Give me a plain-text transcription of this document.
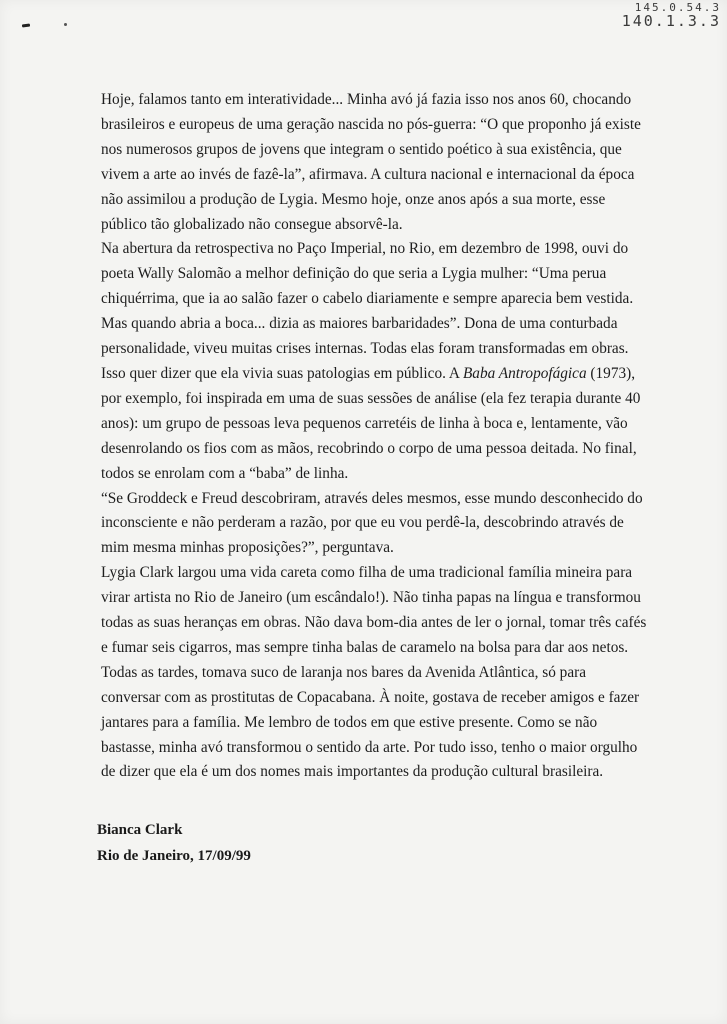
145.0.54.3
140.1.3.3

Hoje, falamos tanto em interatividade... Minha avó já fazia isso nos anos 60, chocando brasileiros e europeus de uma geração nascida no pós-guerra: “O que proponho já existe nos numerosos grupos de jovens que integram o sentido poético à sua existência, que vivem a arte ao invés de fazê-la”, afirmava. A cultura nacional e internacional da época não assimilou a produção de Lygia. Mesmo hoje, onze anos após a sua morte, esse público tão globalizado não consegue absorvê-la.

Na abertura da retrospectiva no Paço Imperial, no Rio, em dezembro de 1998, ouvi do poeta Wally Salomão a melhor definição do que seria a Lygia mulher: “Uma perua chiquérrima, que ia ao salão fazer o cabelo diariamente e sempre aparecia bem vestida. Mas quando abria a boca... dizia as maiores barbaridades”. Dona de uma conturbada personalidade, viveu muitas crises internas. Todas elas foram transformadas em obras. Isso quer dizer que ela vivia suas patologias em público. A Baba Antropofágica (1973), por exemplo, foi inspirada em uma de suas sessões de análise (ela fez terapia durante 40 anos): um grupo de pessoas leva pequenos carretéis de linha à boca e, lentamente, vão desenrolando os fios com as mãos, recobrindo o corpo de uma pessoa deitada. No final, todos se enrolam com a “baba” de linha.

“Se Groddeck e Freud descobriram, através deles mesmos, esse mundo desconhecido do inconsciente e não perderam a razão, por que eu vou perdê-la, descobrindo através de mim mesma minhas proposições?”, perguntava.

Lygia Clark largou uma vida careta como filha de uma tradicional família mineira para virar artista no Rio de Janeiro (um escândalo!). Não tinha papas na língua e transformou todas as suas heranças em obras. Não dava bom-dia antes de ler o jornal, tomar três cafés e fumar seis cigarros, mas sempre tinha balas de caramelo na bolsa para dar aos netos. Todas as tardes, tomava suco de laranja nos bares da Avenida Atlântica, só para conversar com as prostitutas de Copacabana. À noite, gostava de receber amigos e fazer jantares para a família. Me lembro de todos em que estive presente. Como se não bastasse, minha avó transformou o sentido da arte. Por tudo isso, tenho o maior orgulho de dizer que ela é um dos nomes mais importantes da produção cultural brasileira.

Bianca Clark
Rio de Janeiro, 17/09/99
